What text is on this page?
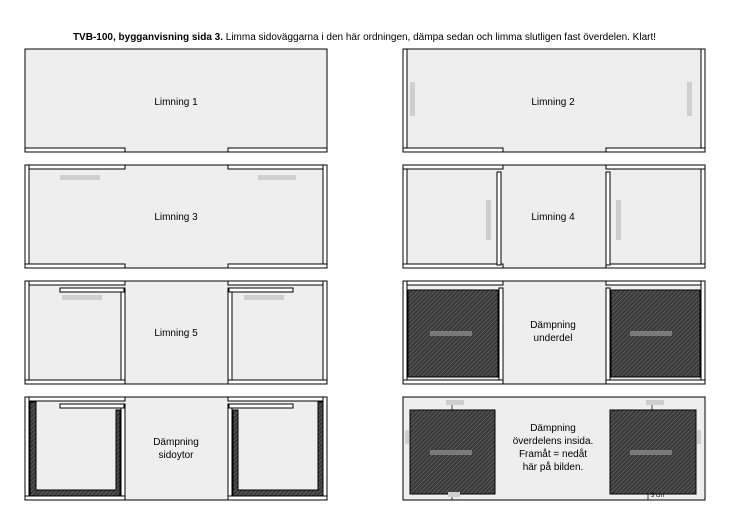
TVB-100, bygganvisning sida 3. Limma sidoväggarna i den här ordningen, dämpa sedan och limma slutligen fast överdelen. Klart!
Limning 1	Limning 2
Limning 3	Limning 4
Limning 5
Dämpning
underdel
Dämpning
sidoytor
3 cm
Dämpning
överdelens insida.
Framåt = nedåt
här på bilden.
